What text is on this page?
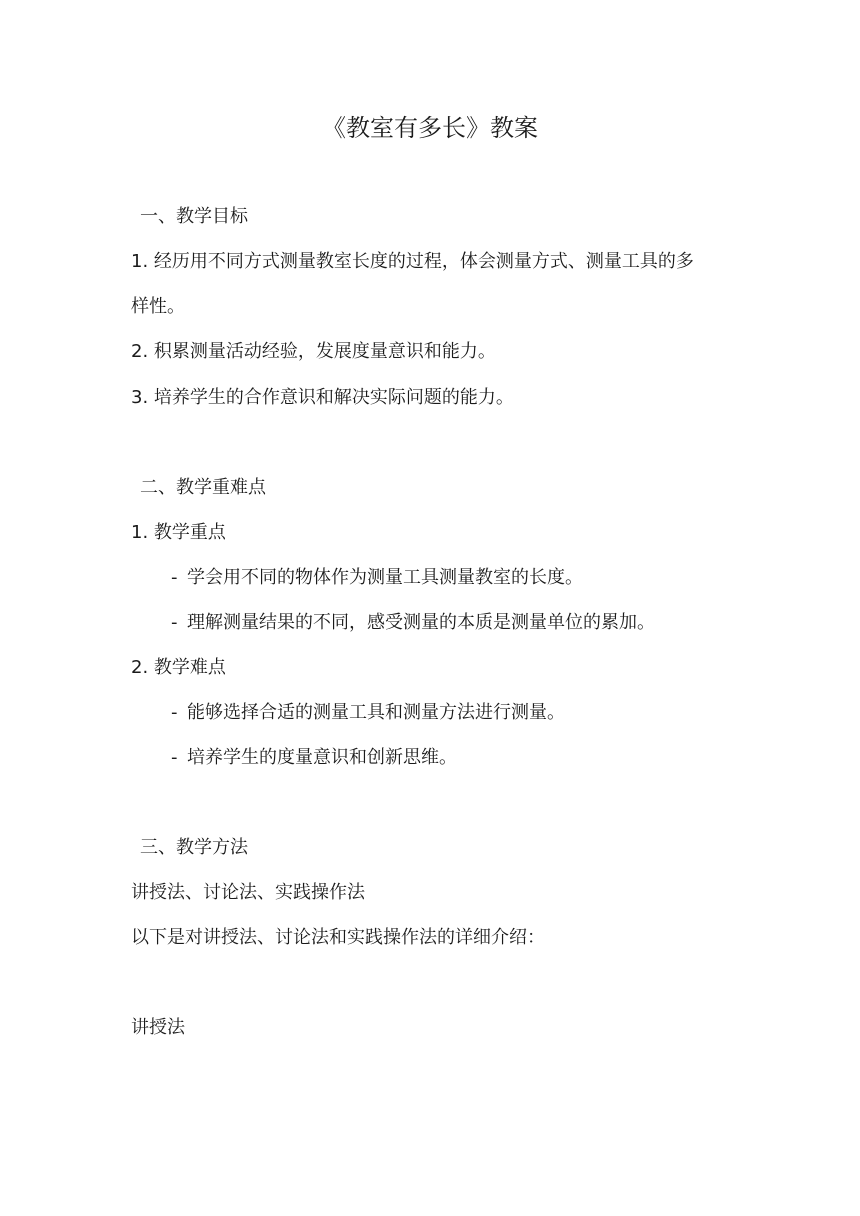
《教室有多长》教案
一、教学目标
1. 经历用不同方式测量教室长度的过程，体会测量方式、测量工具的多
样性。
2. 积累测量活动经验，发展度量意识和能力。
3. 培养学生的合作意识和解决实际问题的能力。
二、教学重难点
1. 教学重点
- 学会用不同的物体作为测量工具测量教室的长度。
- 理解测量结果的不同，感受测量的本质是测量单位的累加。
2. 教学难点
- 能够选择合适的测量工具和测量方法进行测量。
- 培养学生的度量意识和创新思维。
三、教学方法
讲授法、讨论法、实践操作法
以下是对讲授法、讨论法和实践操作法的详细介绍：
讲授法
